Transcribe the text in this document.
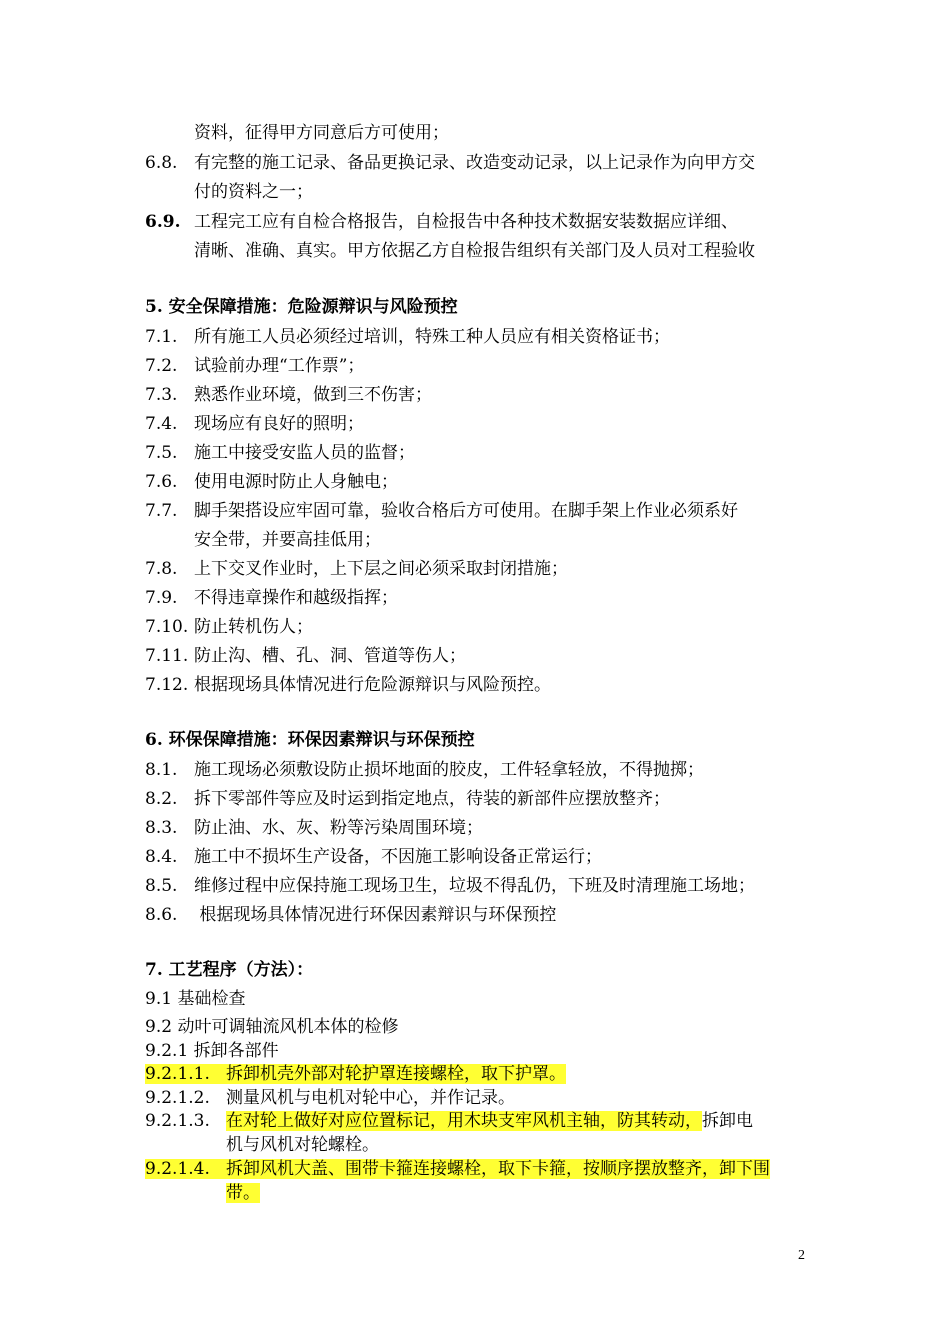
资料，征得甲方同意后方可使用；
6.8. 有完整的施工记录、备品更换记录、改造变动记录，以上记录作为向甲方交
付的资料之一；
6.9. 工程完工应有自检合格报告，自检报告中各种技术数据安装数据应详细、
清晰、准确、真实。甲方依据乙方自检报告组织有关部门及人员对工程验收
5. 安全保障措施：危险源辩识与风险预控
7.1. 所有施工人员必须经过培训，特殊工种人员应有相关资格证书；
7.2. 试验前办理“工作票”；
7.3. 熟悉作业环境，做到三不伤害；
7.4. 现场应有良好的照明；
7.5. 施工中接受安监人员的监督；
7.6. 使用电源时防止人身触电；
7.7. 脚手架搭设应牢固可靠，验收合格后方可使用。在脚手架上作业必须系好
安全带，并要高挂低用；
7.8. 上下交叉作业时，上下层之间必须采取封闭措施；
7.9. 不得违章操作和越级指挥；
7.10. 防止转机伤人；
7.11. 防止沟、槽、孔、洞、管道等伤人；
7.12. 根据现场具体情况进行危险源辩识与风险预控。
6. 环保保障措施：环保因素辩识与环保预控
8.1. 施工现场必须敷设防止损坏地面的胶皮，工件轻拿轻放，不得抛掷；
8.2. 拆下零部件等应及时运到指定地点，待装的新部件应摆放整齐；
8.3. 防止油、水、灰、粉等污染周围环境；
8.4. 施工中不损坏生产设备，不因施工影响设备正常运行；
8.5. 维修过程中应保持施工现场卫生，垃圾不得乱仍，下班及时清理施工场地；
8.6. 根据现场具体情况进行环保因素辩识与环保预控
7. 工艺程序（方法）：
9.1 基础检查
9.2 动叶可调轴流风机本体的检修
9.2.1 拆卸各部件
9.2.1.1. 拆卸机壳外部对轮护罩连接螺栓，取下护罩。
9.2.1.2. 测量风机与电机对轮中心，并作记录。
9.2.1.3. 在对轮上做好对应位置标记，用木块支牢风机主轴，防其转动，拆卸电
机与风机对轮螺栓。
9.2.1.4. 拆卸风机大盖、围带卡箍连接螺栓，取下卡箍，按顺序摆放整齐，卸下围
带。
2
